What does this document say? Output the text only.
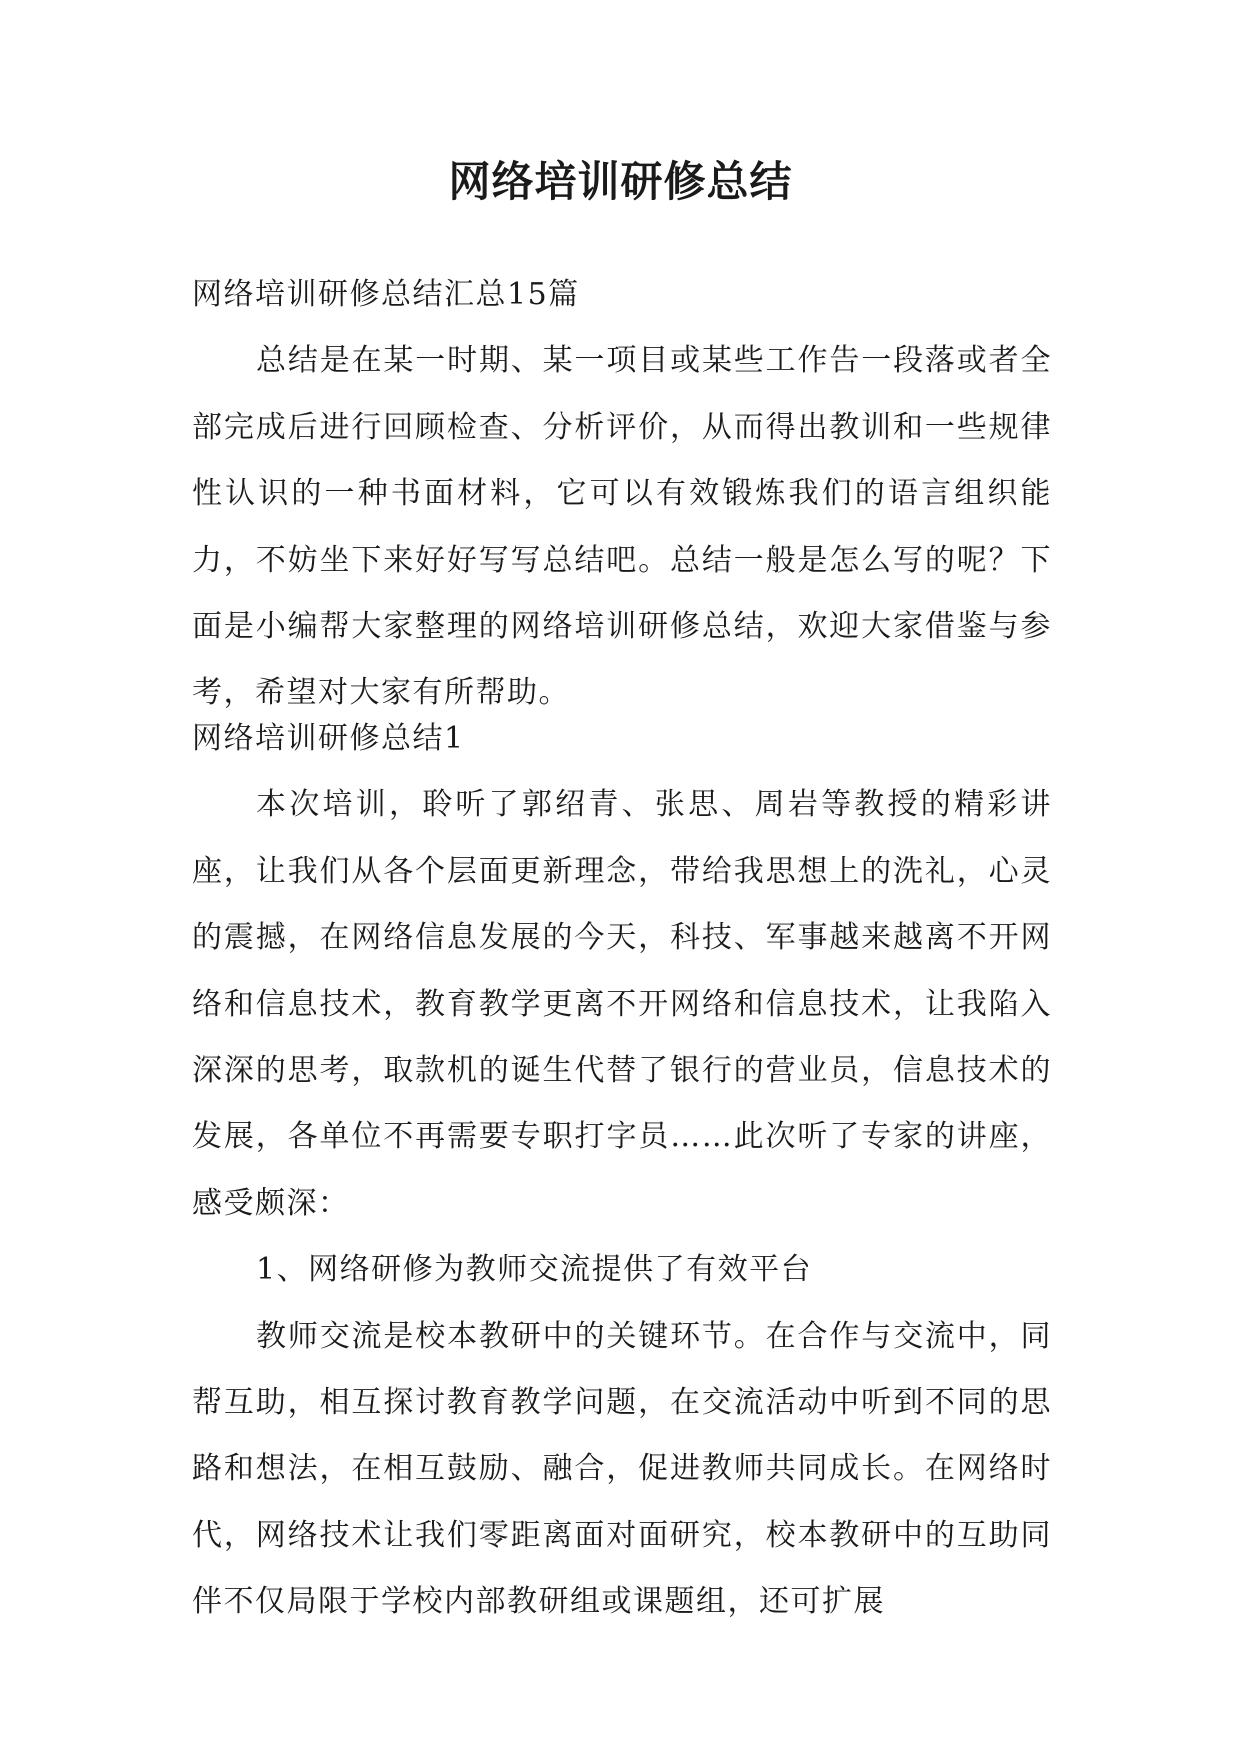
网络培训研修总结

网络培训研修总结汇总15篇

总结是在某一时期、某一项目或某些工作告一段落或者全部完成后进行回顾检查、分析评价，从而得出教训和一些规律性认识的一种书面材料，它可以有效锻炼我们的语言组织能力，不妨坐下来好好写写总结吧。总结一般是怎么写的呢？下面是小编帮大家整理的网络培训研修总结，欢迎大家借鉴与参考，希望对大家有所帮助。

网络培训研修总结1

本次培训，聆听了郭绍青、张思、周岩等教授的精彩讲座，让我们从各个层面更新理念，带给我思想上的洗礼，心灵的震撼，在网络信息发展的今天，科技、军事越来越离不开网络和信息技术，教育教学更离不开网络和信息技术，让我陷入深深的思考，取款机的诞生代替了银行的营业员，信息技术的发展，各单位不再需要专职打字员……此次听了专家的讲座，感受颇深：

1、网络研修为教师交流提供了有效平台

教师交流是校本教研中的关键环节。在合作与交流中，同帮互助，相互探讨教育教学问题，在交流活动中听到不同的思路和想法，在相互鼓励、融合，促进教师共同成长。在网络时代，网络技术让我们零距离面对面研究，校本教研中的互助同伴不仅局限于学校内部教研组或课题组，还可扩展
